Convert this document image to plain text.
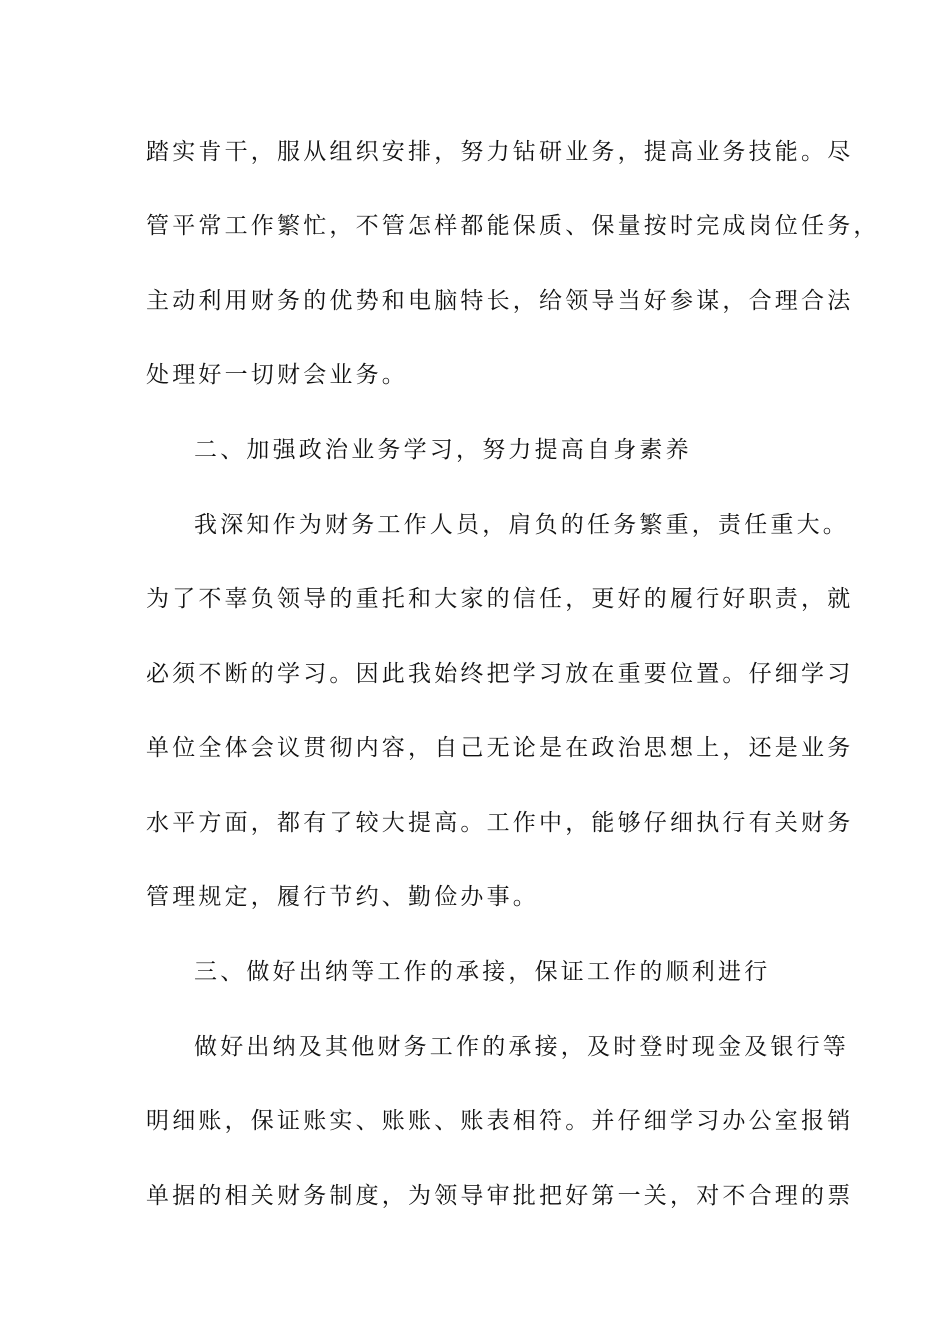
踏实肯干，服从组织安排，努力钻研业务，提高业务技能。尽
管平常工作繁忙，不管怎样都能保质、保量按时完成岗位任务，
主动利用财务的优势和电脑特长，给领导当好参谋，合理合法
处理好一切财会业务。
二、加强政治业务学习，努力提高自身素养
我深知作为财务工作人员，肩负的任务繁重，责任重大。
为了不辜负领导的重托和大家的信任，更好的履行好职责，就
必须不断的学习。因此我始终把学习放在重要位置。仔细学习
单位全体会议贯彻内容，自己无论是在政治思想上，还是业务
水平方面，都有了较大提高。工作中，能够仔细执行有关财务
管理规定，履行节约、勤俭办事。
三、做好出纳等工作的承接，保证工作的顺利进行
做好出纳及其他财务工作的承接，及时登时现金及银行等
明细账，保证账实、账账、账表相符。并仔细学习办公室报销
单据的相关财务制度，为领导审批把好第一关，对不合理的票
